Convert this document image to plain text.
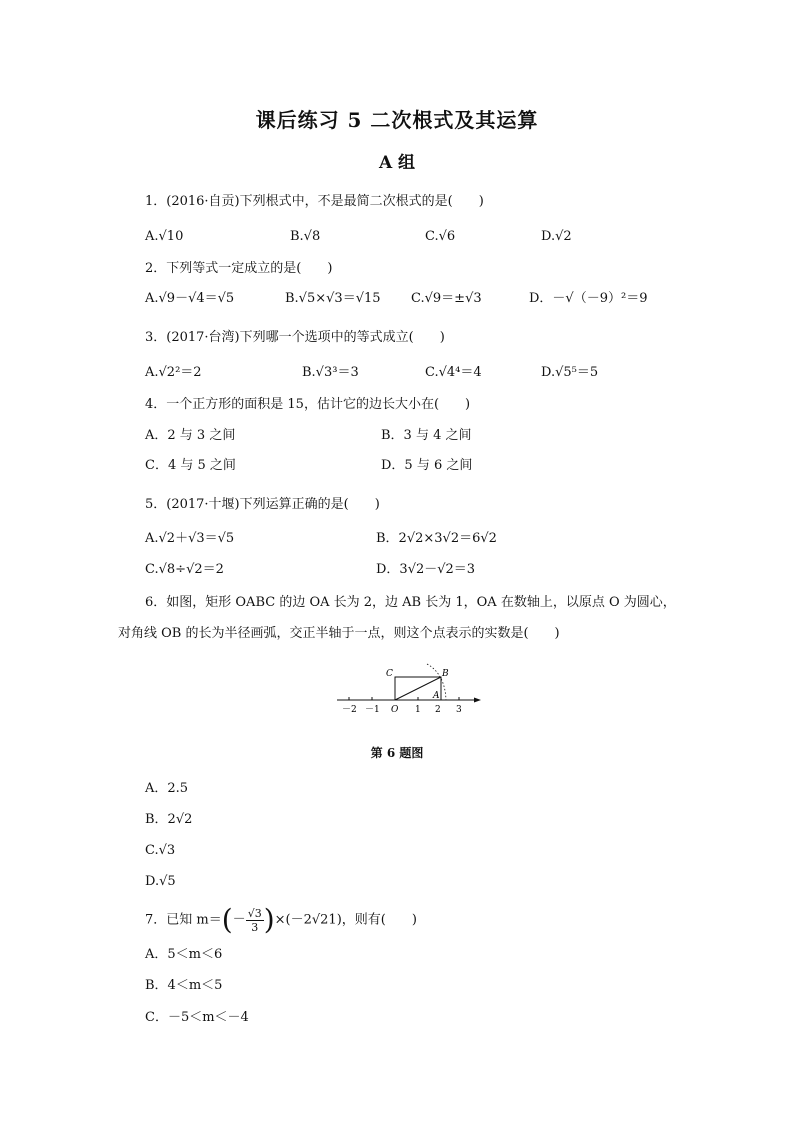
课后练习 5 二次根式及其运算
A 组
1．(2016·自贡)下列根式中，不是最简二次根式的是(　　)
A.√10	B.√8	C.√6	D.√2
2．下列等式一定成立的是(　　)
A.√9－√4＝√5	B.√5×√3＝√15 C.√9＝±√3	D．－√（－9）²＝9
3．(2017·台湾)下列哪一个选项中的等式成立(　　)
A.√2²＝2	B.√3³＝3	C.√4⁴＝4	D.√5⁵＝5
4．一个正方形的面积是 15，估计它的边长大小在(　　)
A．2 与 3 之间	B．3 与 4 之间
C．4 与 5 之间	D．5 与 6 之间
5．(2017·十堰)下列运算正确的是(　　)
A.√2＋√3＝√5	B．2√2×3√2＝6√2
C.√8÷√2＝2	D．3√2－√2＝3
6．如图，矩形 OABC 的边 OA 长为 2，边 AB 长为 1，OA 在数轴上，以原点 O 为圆心，
对角线 OB 的长为半径画弧，交正半轴于一点，则这个点表示的实数是(　　)
C	B
A
－2 －1 O 1 2 3
第 6 题图
A．2.5
B．2√2
C.√3
D.√5
7．已知 $m=(- \frac{√3}{3} )\times(-2√21)$，则有(　　)
A．5＜m＜6
B．4＜m＜5
C．－5＜m＜－4
